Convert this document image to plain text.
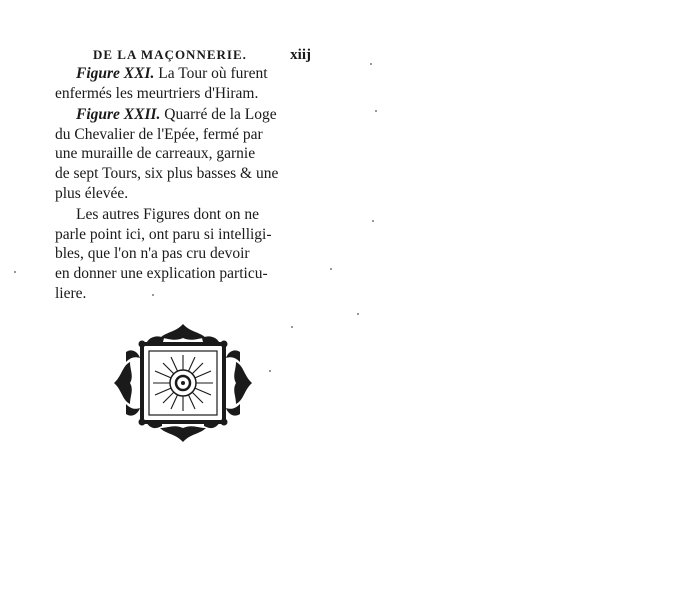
DE LA MAÇONNERIE.	xiij
Figure XXI. La Tour où furent
enfermés les meurtriers d'Hiram.
Figure XXII. Quarré de la Loge
du Chevalier de l'Epée, fermé par
une muraille de carreaux, garnie
de sept Tours, six plus basses & une
plus élevée.
Les autres Figures dont on ne
parle point ici, ont paru si intelligi-
bles, que l'on n'a pas cru devoir
en donner une explication particu-
liere.
